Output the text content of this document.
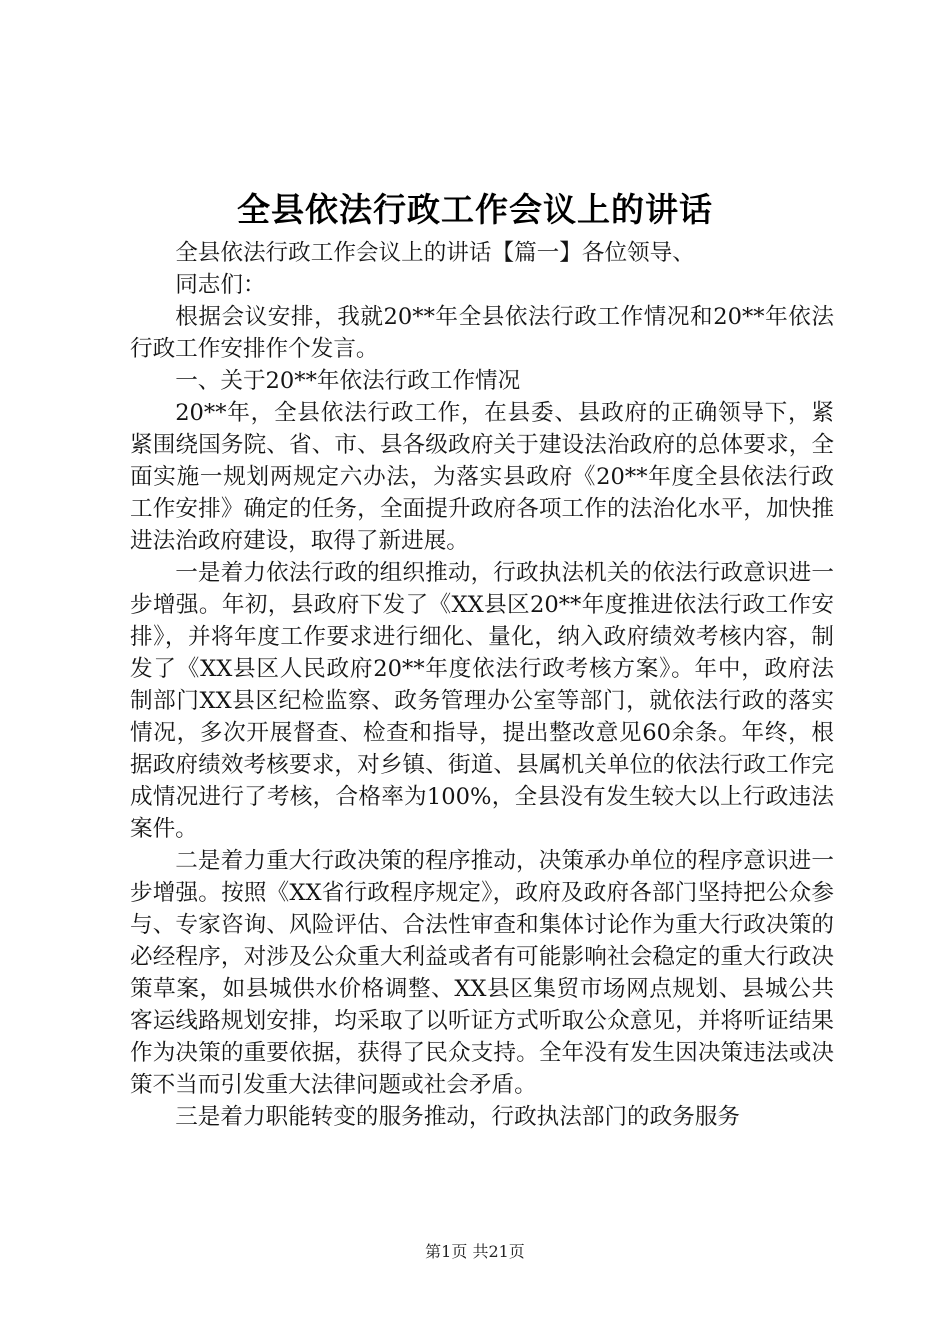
全县依法行政工作会议上的讲话

全县依法行政工作会议上的讲话【篇一】各位领导、

同志们：

根据会议安排，我就20**年全县依法行政工作情况和20**年依法行政工作安排作个发言。

一、关于20**年依法行政工作情况

20**年，全县依法行政工作，在县委、县政府的正确领导下，紧紧围绕国务院、省、市、县各级政府关于建设法治政府的总体要求，全面实施一规划两规定六办法，为落实县政府《20**年度全县依法行政工作安排》确定的任务，全面提升政府各项工作的法治化水平，加快推进法治政府建设，取得了新进展。

一是着力依法行政的组织推动，行政执法机关的依法行政意识进一步增强。年初，县政府下发了《XX县区20**年度推进依法行政工作安排》，并将年度工作要求进行细化、量化，纳入政府绩效考核内容，制发了《XX县区人民政府20**年度依法行政考核方案》。年中，政府法制部门XX县区纪检监察、政务管理办公室等部门，就依法行政的落实情况，多次开展督查、检查和指导，提出整改意见60余条。年终，根据政府绩效考核要求，对乡镇、街道、县属机关单位的依法行政工作完成情况进行了考核，合格率为100%，全县没有发生较大以上行政违法案件。

二是着力重大行政决策的程序推动，决策承办单位的程序意识进一步增强。按照《XX省行政程序规定》，政府及政府各部门坚持把公众参与、专家咨询、风险评估、合法性审查和集体讨论作为重大行政决策的必经程序，对涉及公众重大利益或者有可能影响社会稳定的重大行政决策草案，如县城供水价格调整、XX县区集贸市场网点规划、县城公共客运线路规划安排，均采取了以听证方式听取公众意见，并将听证结果作为决策的重要依据，获得了民众支持。全年没有发生因决策违法或决策不当而引发重大法律问题或社会矛盾。

三是着力职能转变的服务推动，行政执法部门的政务服务

第1页 共21页
